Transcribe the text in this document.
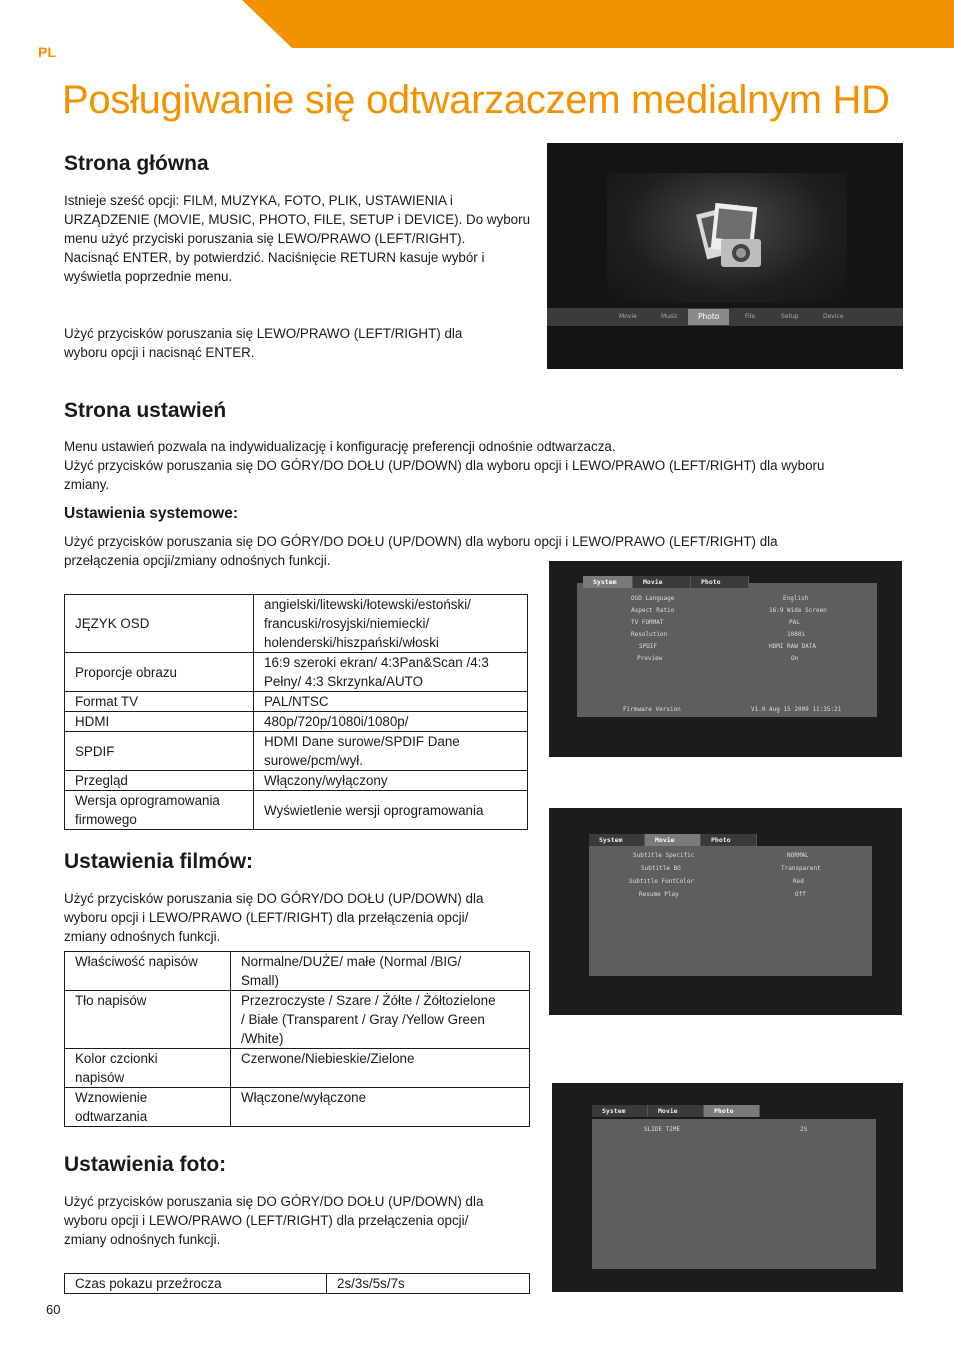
PL
Posługiwanie się odtwarzaczem medialnym HD
Strona główna
Istnieje sześć opcji: FILM, MUZYKA, FOTO, PLIK, USTAWIENIA i
URZĄDZENIE (MOVIE, MUSIC, PHOTO, FILE, SETUP i DEVICE). Do wyboru
menu użyć przyciski poruszania się LEWO/PRAWO (LEFT/RIGHT).
Nacisnąć ENTER, by potwierdzić. Naciśnięcie RETURN kasuje wybór i
wyświetla poprzednie menu.
Użyć przycisków poruszania się LEWO/PRAWO (LEFT/RIGHT) dla
wyboru opcji i nacisnąć ENTER.
Movie	Music	Photo	File	Setup	Device
Strona ustawień
Menu ustawień pozwala na indywidualizację i konfigurację preferencji odnośnie odtwarzacza.
Użyć przycisków poruszania się DO GÓRY/DO DOŁU (UP/DOWN) dla wyboru opcji i LEWO/PRAWO (LEFT/RIGHT) dla wyboru
zmiany.
Ustawienia systemowe:
Użyć przycisków poruszania się DO GÓRY/DO DOŁU (UP/DOWN) dla wyboru opcji i LEWO/PRAWO (LEFT/RIGHT) dla
przełączenia opcji/zmiany odnośnych funkcji.
JĘZYK OSD	angielski/litewski/łotewski/estoński/
francuski/rosyjski/niemiecki/
holenderski/hiszpański/włoski

Proporcje obrazu	16:9 szeroki ekran/ 4:3Pan&Scan /4:3
Pełny/ 4:3 Skrzynka/AUTO

Format TV	PAL/NTSC

HDMI	480p/720p/1080i/1080p/

SPDIF	HDMI Dane surowe/SPDIF Dane
surowe/pcm/wył.

Przegląd	Włączony/wyłączony

Wersja oprogramowania
firmowego	Wyświetlenie wersji oprogramowania
System	Movie	Photo
OSD Language	English
Aspect Ratio	16:9 Wide Screen
TV FORMAT	PAL
Resolution	1080i
SPDIF	HDMI RAW DATA
Preview	On
Firmware Version	V1.0 Aug 15 2009 11:35:21
Ustawienia filmów:
Użyć przycisków poruszania się DO GÓRY/DO DOŁU (UP/DOWN) dla
wyboru opcji i LEWO/PRAWO (LEFT/RIGHT) dla przełączenia opcji/
zmiany odnośnych funkcji.
Właściwość napisów	Normalne/DUŻE/ małe (Normal /BIG/
Small)

Tło napisów	Przezroczyste / Szare / Żółte / Żółtozielone
/ Białe (Transparent / Gray /Yellow Green
/White)

Kolor czcionki
napisów	Czerwone/Niebieskie/Zielone

Wznowienie
odtwarzania	Włączone/wyłączone
System	Movie	Photo
Subtitle Specific	NORMAL
Subtitle BG	Transparent
Subtitle FontColor	Red
Resume Play	Off
Ustawienia foto:
Użyć przycisków poruszania się DO GÓRY/DO DOŁU (UP/DOWN) dla
wyboru opcji i LEWO/PRAWO (LEFT/RIGHT) dla przełączenia opcji/
zmiany odnośnych funkcji.
Czas pokazu przeźrocza	2s/3s/5s/7s
System	Movie	Photo
SLIDE TIME	2S
60
